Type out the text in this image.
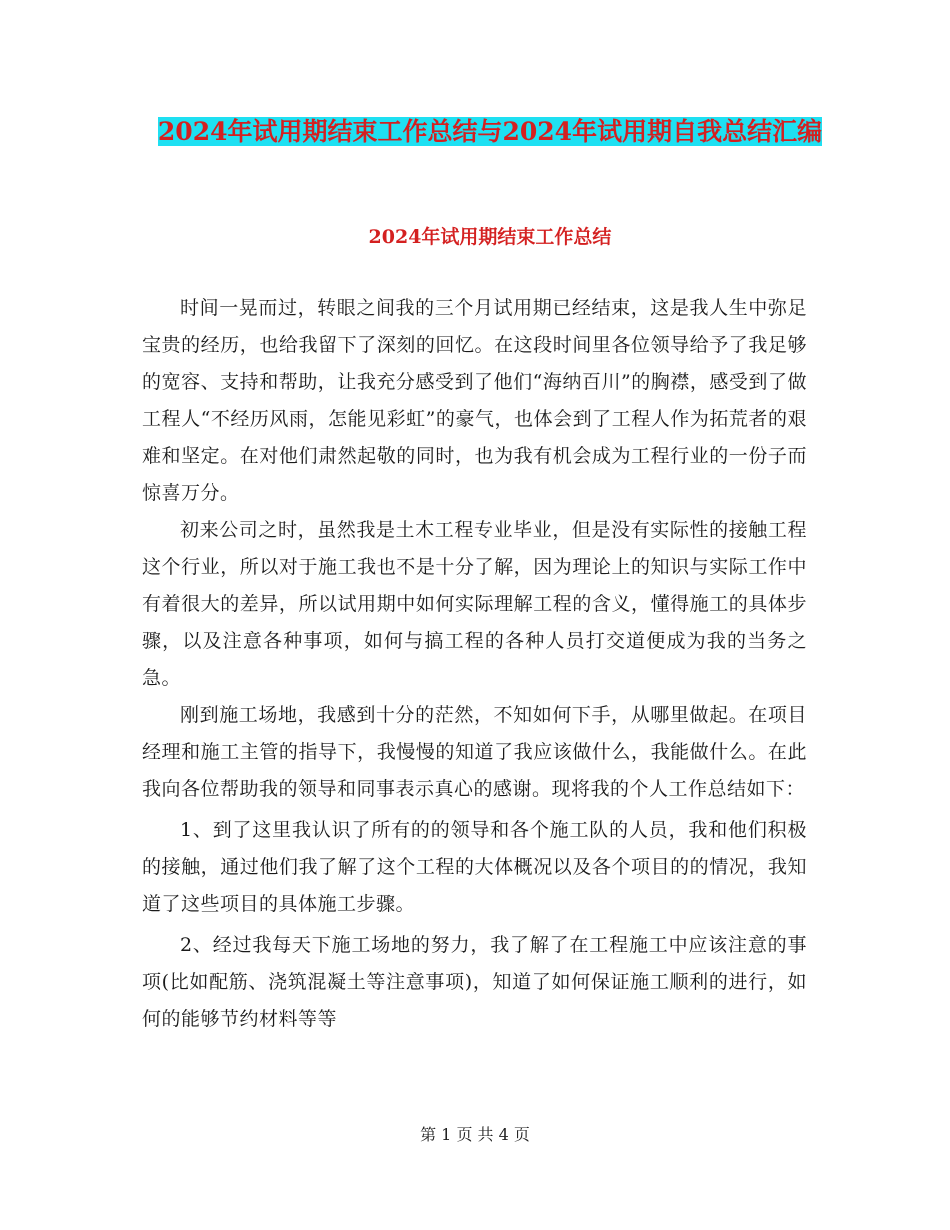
2024年试用期结束工作总结与2024年试用期自我总结汇编
2024年试用期结束工作总结

时间一晃而过，转眼之间我的三个月试用期已经结束，这是我人生中弥足宝贵的经历，也给我留下了深刻的回忆。在这段时间里各位领导给予了我足够的宽容、支持和帮助，让我充分感受到了他们“海纳百川”的胸襟，感受到了做工程人“不经历风雨，怎能见彩虹”的豪气，也体会到了工程人作为拓荒者的艰难和坚定。在对他们肃然起敬的同时，也为我有机会成为工程行业的一份子而惊喜万分。

初来公司之时，虽然我是土木工程专业毕业，但是没有实际性的接触工程这个行业，所以对于施工我也不是十分了解，因为理论上的知识与实际工作中有着很大的差异，所以试用期中如何实际理解工程的含义，懂得施工的具体步骤，以及注意各种事项，如何与搞工程的各种人员打交道便成为我的当务之急。

刚到施工场地，我感到十分的茫然，不知如何下手，从哪里做起。在项目经理和施工主管的指导下，我慢慢的知道了我应该做什么，我能做什么。在此我向各位帮助我的领导和同事表示真心的感谢。现将我的个人工作总结如下：

1、到了这里我认识了所有的的领导和各个施工队的人员，我和他们积极的接触，通过他们我了解了这个工程的大体概况以及各个项目的的情况，我知道了这些项目的具体施工步骤。

2、经过我每天下施工场地的努力，我了解了在工程施工中应该注意的事项(比如配筋、浇筑混凝土等注意事项)，知道了如何保证施工顺利的进行，如何的能够节约材料等等

第 1 页 共 4 页
